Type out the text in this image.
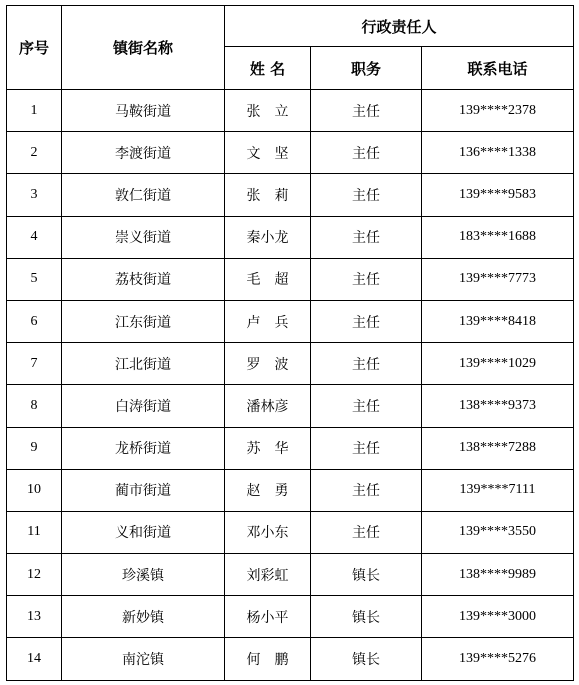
序号	镇街名称	行政责任人		
		姓 名	职务	联系电话
1	马鞍街道	张立	主任	139****2378
2	李渡街道	文坚	主任	136****1338
3	敦仁街道	张莉	主任	139****9583
4	崇义街道	秦小龙	主任	183****1688
5	荔枝街道	毛超	主任	139****7773
6	江东街道	卢兵	主任	139****8418
7	江北街道	罗波	主任	139****1029
8	白涛街道	潘林彦	主任	138****9373
9	龙桥街道	苏华	主任	138****7288
10	蔺市街道	赵勇	主任	139****7111
11	义和街道	邓小东	主任	139****3550
12	珍溪镇	刘彩虹	镇长	138****9989
13	新妙镇	杨小平	镇长	139****3000
14	南沱镇	何鹏	镇长	139****5276
